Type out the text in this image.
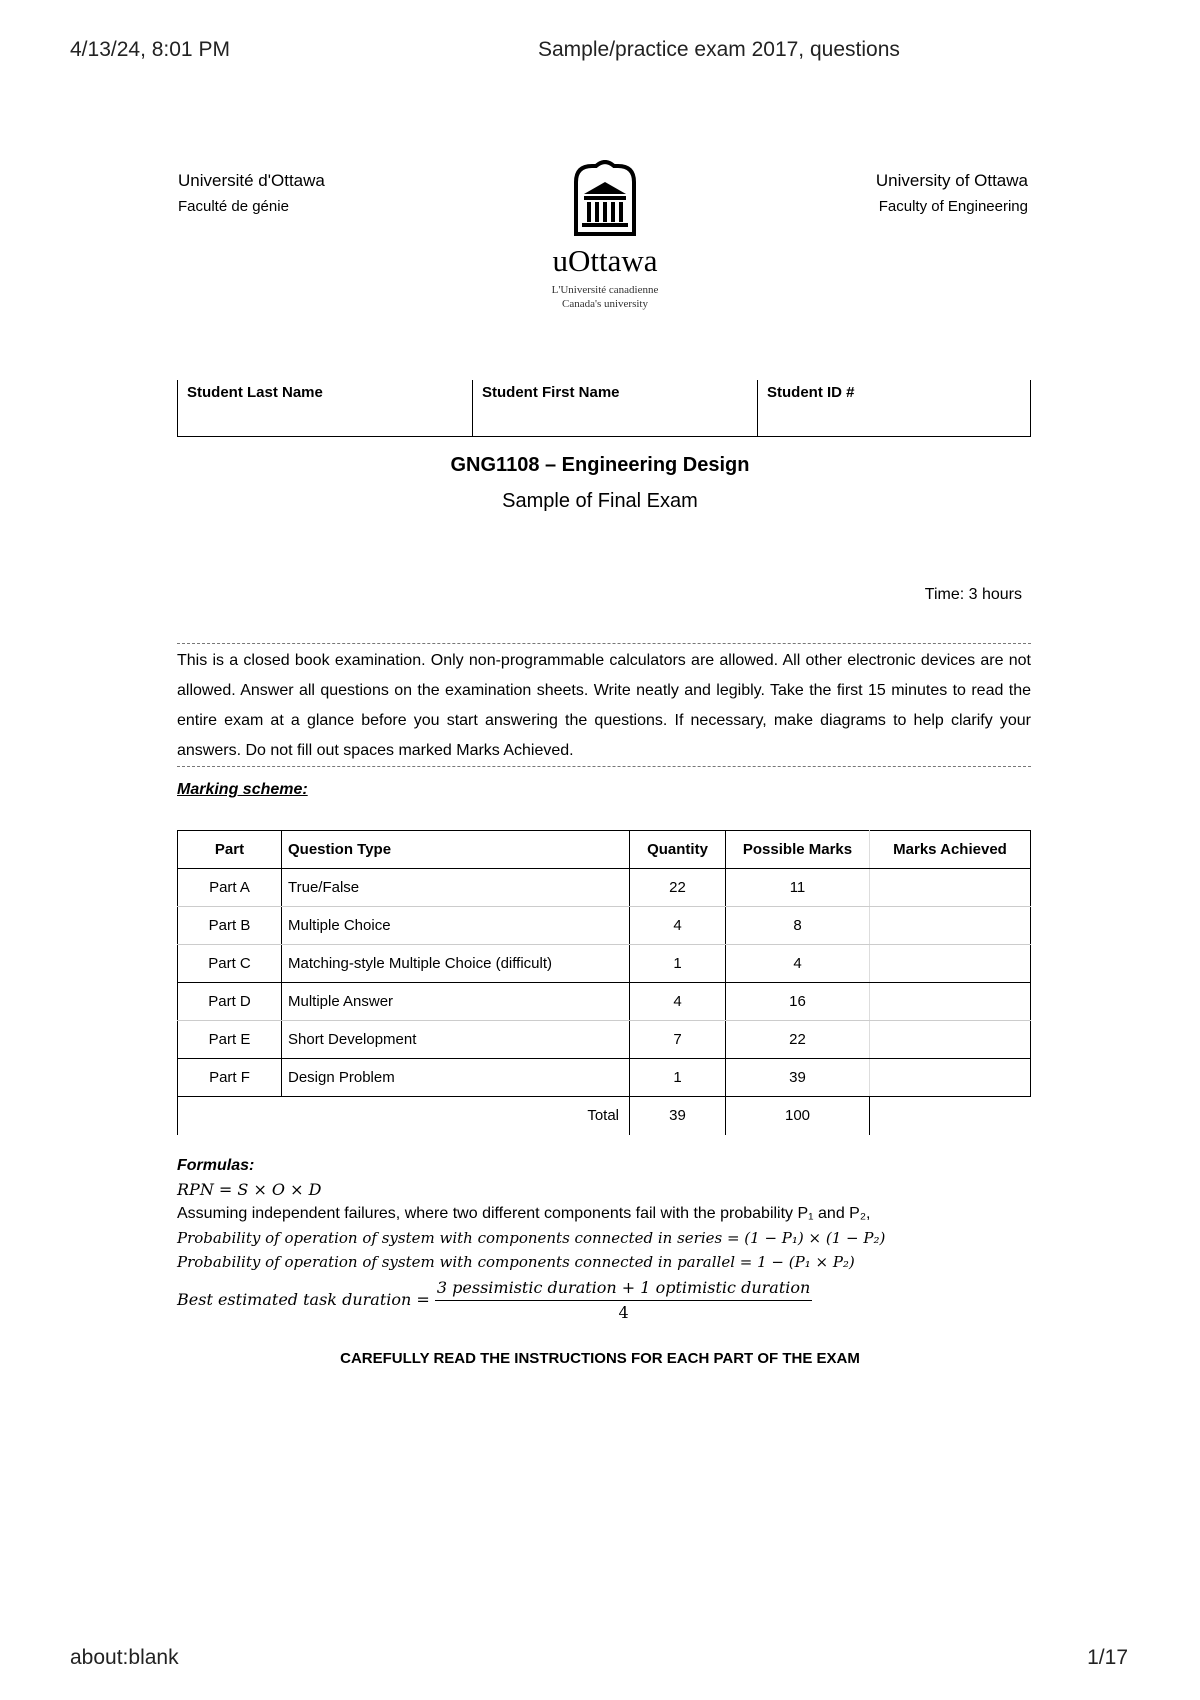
4/13/24, 8:01 PM	Sample/practice exam 2017, questions
Université d'Ottawa
Faculté de génie
University of Ottawa
Faculty of Engineering
uOttawa
L'Université canadienne
Canada's university
Student Last Name	Student First Name	Student ID #
GNG1108 – Engineering Design
Sample of Final Exam
Time: 3 hours
This is a closed book examination. Only non-programmable calculators are allowed. All other electronic devices are not allowed. Answer all questions on the examination sheets. Write neatly and legibly. Take the first 15 minutes to read the entire exam at a glance before you start answering the questions. If necessary, make diagrams to help clarify your answers. Do not fill out spaces marked Marks Achieved.
Marking scheme:
Part	Question Type	Quantity	Possible Marks	Marks Achieved
Part A	True/False	22	11	
Part B	Multiple Choice	4	8	
Part C	Matching-style Multiple Choice (difficult)	1	4	
Part D	Multiple Answer	4	16	
Part E	Short Development	7	22	
Part F	Design Problem	1	39	
Total		39	100	
Formulas:
RPN = S × O × D
Assuming independent failures, where two different components fail with the probability P₁ and P₂,
Probability of operation of system with components connected in series = (1 − P₁) × (1 − P₂)
Probability of operation of system with components connected in parallel = 1 − (P₁ × P₂)
Best estimated task duration = $\frac{\text{3 pessimistic duration + 1 optimistic duration}}{4}$
CAREFULLY READ THE INSTRUCTIONS FOR EACH PART OF THE EXAM
about:blank	1/17
